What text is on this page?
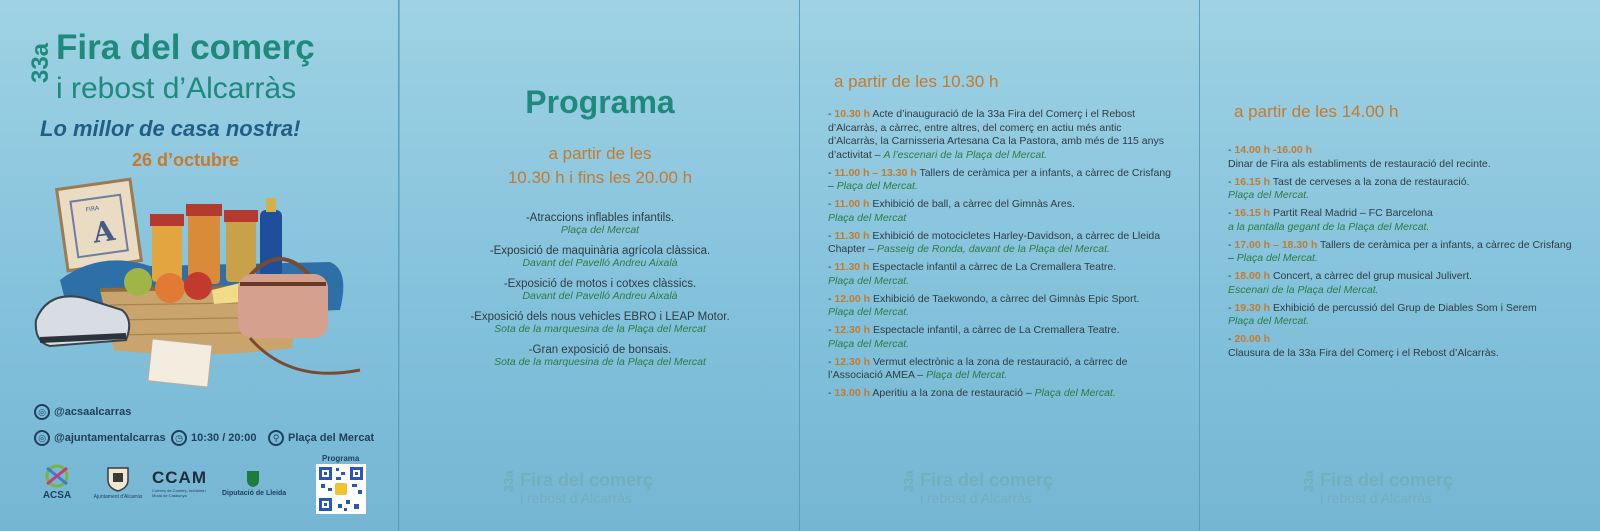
33a Fira del comerç
i rebost d’Alcarràs
Lo millor de casa nostra!
26 d’octubre
A
FIRA
◎ @acsaalcarras
◎ @ajuntamentalcarras	◷ 10:30 / 20:00	⚲ Plaça del Mercat
ACSA	Ajuntament d'Alcarràs
CCAM
Comerç de Comerç, Indústria i Moda de Catalunya	Diputació de Lleida
Programa
Programa
a partir de les
10.30 h i fins les 20.00 h
-Atraccions inflables infantils.
Plaça del Mercat
-Exposició de maquinària agrícola clàssica.
Davant del Pavelló Andreu Aixalà
-Exposició de motos i cotxes clàssics.
Davant del Pavelló Andreu Aixalà
-Exposició dels nous vehicles EBRO i LEAP Motor.
Sota de la marquesina de la Plaça del Mercat
-Gran exposició de bonsais.
Sota de la marquesina de la Plaça del Mercat
33a Fira del comerç
i rebost d’Alcarràs
a partir de les 10.30 h
- 10.30 h Acte d’inauguració de la 33a Fira del Comerç i el Rebost d’Alcarràs, a càrrec, entre altres, del comerç en actiu més antic d’Alcarràs, la Carnisseria Artesana Ca la Pastora, amb més de 115 anys d’activitat – A l’escenari de la Plaça del Mercat.
- 11.00 h – 13.30 h Tallers de ceràmica per a infants, a càrrec de Crisfang – Plaça del Mercat.
- 11.00 h Exhibició de ball, a càrrec del Gimnàs Ares.
Plaça del Mercat
- 11.30 h Exhibició de motocicletes Harley-Davidson, a càrrec de Lleida Chapter – Passeig de Ronda, davant de la Plaça del Mercat.
- 11.30 h Espectacle infantil a càrrec de La Cremallera Teatre.
Plaça del Mercat.
- 12.00 h Exhibició de Taekwondo, a càrrec del Gimnàs Epic Sport.
Plaça del Mercat.
- 12.30 h Espectacle infantil, a càrrec de La Cremallera Teatre.
Plaça del Mercat.
- 12.30 h Vermut electrònic a la zona de restauració, a càrrec de l’Associació AMEA – Plaça del Mercat.
- 13.00 h Aperitiu a la zona de restauració – Plaça del Mercat.
33a Fira del comerç
i rebost d’Alcarràs
a partir de les 14.00 h
- 14.00 h -16.00 h
Dinar de Fira als establiments de restauració del recinte.
- 16.15 h Tast de cerveses a la zona de restauració.
Plaça del Mercat.
- 16.15 h Partit Real Madrid – FC Barcelona
a la pantalla gegant de la Plaça del Mercat.
- 17.00 h – 18.30 h Tallers de ceràmica per a infants, a càrrec de Crisfang – Plaça del Mercat.
- 18.00 h Concert, a càrrec del grup musical Julivert.
Escenari de la Plaça del Mercat.
- 19.30 h Exhibició de percussió del Grup de Diables Som i Serem
Plaça del Mercat.
- 20.00 h
Clausura de la 33a Fira del Comerç i el Rebost d’Alcarràs.
33a Fira del comerç
i rebost d’Alcarràs
